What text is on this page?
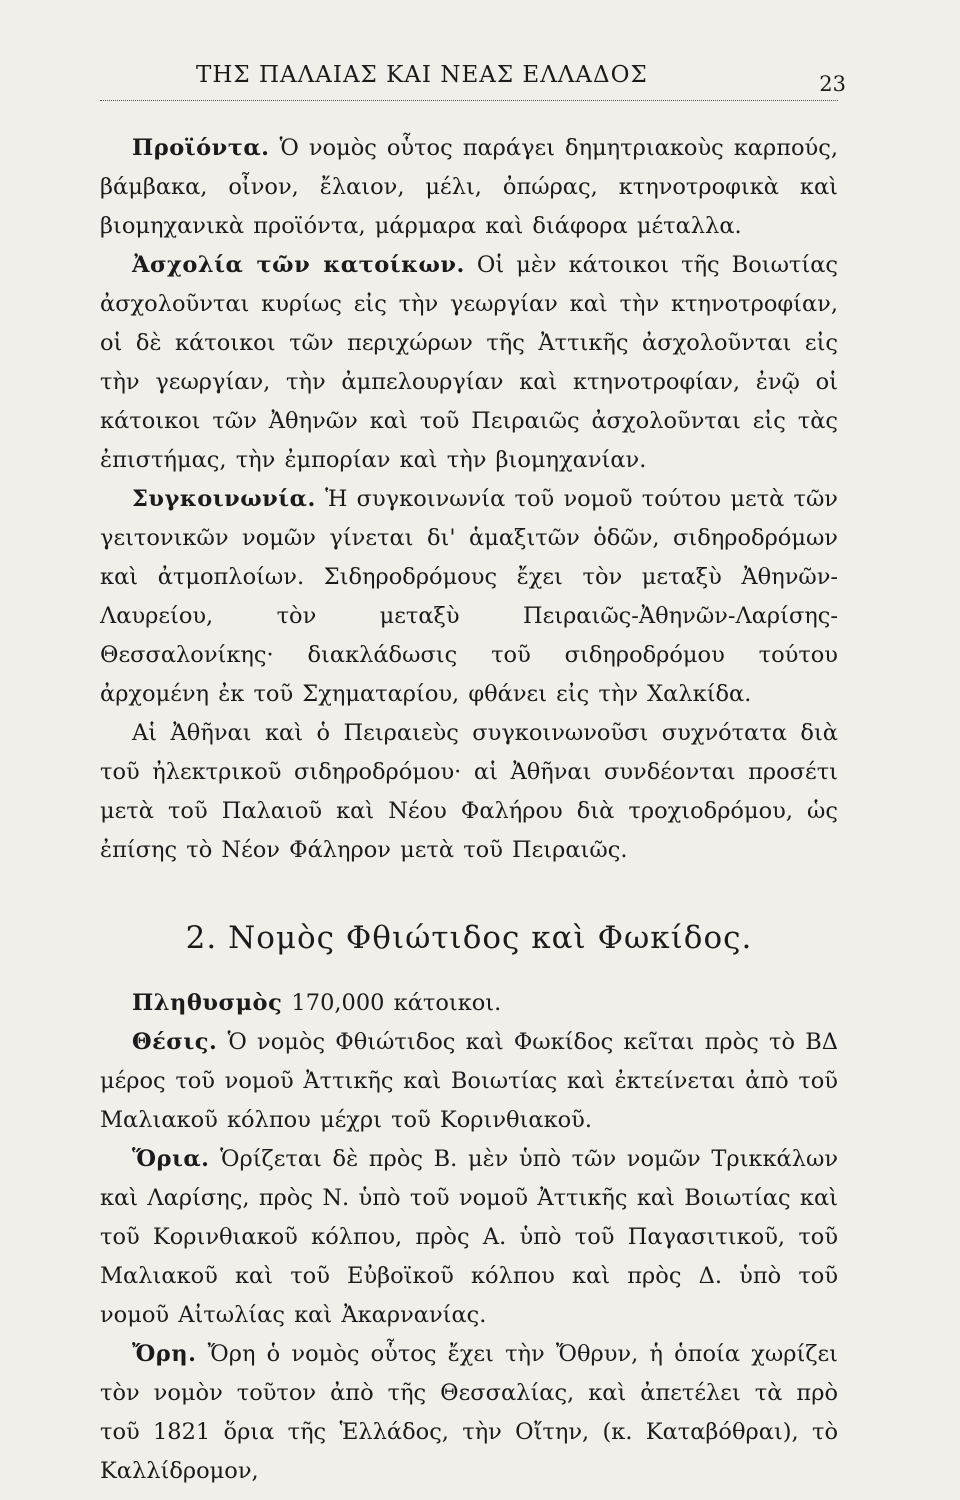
ΤΗΣ ΠΑΛΑΙΑΣ ΚΑΙ ΝΕΑΣ ΕΛΛΑΔΟΣ	23

Προϊόντα. Ὁ νομὸς οὗτος παράγει δημητριακοὺς καρπούς, βάμβακα, οἶνον, ἔλαιον, μέλι, ὀπώρας, κτηνοτροφικὰ καὶ βιομηχανικὰ προϊόντα, μάρμαρα καὶ διάφορα μέταλλα.

Ἀσχολία τῶν κατοίκων. Οἱ μὲν κάτοικοι τῆς Βοιωτίας ἀσχολοῦνται κυρίως εἰς τὴν γεωργίαν καὶ τὴν κτηνοτροφίαν, οἱ δὲ κάτοικοι τῶν περιχώρων τῆς Ἀττικῆς ἀσχολοῦνται εἰς τὴν γεωργίαν, τὴν ἀμπελουργίαν καὶ κτηνοτροφίαν, ἐνῷ οἱ κάτοικοι τῶν Ἀθηνῶν καὶ τοῦ Πειραιῶς ἀσχολοῦνται εἰς τὰς ἐπιστήμας, τὴν ἐμπορίαν καὶ τὴν βιομηχανίαν.

Συγκοινωνία. Ἡ συγκοινωνία τοῦ νομοῦ τούτου μετὰ τῶν γειτονικῶν νομῶν γίνεται δι' ἁμαξιτῶν ὁδῶν, σιδηροδρόμων καὶ ἀτμοπλοίων. Σιδηροδρόμους ἔχει τὸν μεταξὺ Ἀθηνῶν-Λαυρείου, τὸν μεταξὺ Πειραιῶς-Ἀθηνῶν-Λαρίσης-Θεσσαλονίκης· διακλάδωσις τοῦ σιδηροδρόμου τούτου ἀρχομένη ἐκ τοῦ Σχηματαρίου, φθάνει εἰς τὴν Χαλκίδα.

Αἱ Ἀθῆναι καὶ ὁ Πειραιεὺς συγκοινωνοῦσι συχνότατα διὰ τοῦ ἠλεκτρικοῦ σιδηροδρόμου· αἱ Ἀθῆναι συνδέονται προσέτι μετὰ τοῦ Παλαιοῦ καὶ Νέου Φαλήρου διὰ τροχιοδρόμου, ὡς ἐπίσης τὸ Νέον Φάληρον μετὰ τοῦ Πειραιῶς.

2. Νομὸς Φθιώτιδος καὶ Φωκίδος.

Πληθυσμὸς 170,000 κάτοικοι.

Θέσις. Ὁ νομὸς Φθιώτιδος καὶ Φωκίδος κεῖται πρὸς τὸ ΒΔ μέρος τοῦ νομοῦ Ἀττικῆς καὶ Βοιωτίας καὶ ἐκτείνεται ἀπὸ τοῦ Μαλιακοῦ κόλπου μέχρι τοῦ Κορινθιακοῦ.

Ὅρια. Ὁρίζεται δὲ πρὸς Β. μὲν ὑπὸ τῶν νομῶν Τρικκάλων καὶ Λαρίσης, πρὸς Ν. ὑπὸ τοῦ νομοῦ Ἀττικῆς καὶ Βοιωτίας καὶ τοῦ Κορινθιακοῦ κόλπου, πρὸς Α. ὑπὸ τοῦ Παγασιτικοῦ, τοῦ Μαλιακοῦ καὶ τοῦ Εὐβοϊκοῦ κόλπου καὶ πρὸς Δ. ὑπὸ τοῦ νομοῦ Αἰτωλίας καὶ Ἀκαρνανίας.

Ὄρη. Ὄρη ὁ νομὸς οὗτος ἔχει τὴν Ὄθρυν, ἡ ὁποία χωρίζει τὸν νομὸν τοῦτον ἀπὸ τῆς Θεσσαλίας, καὶ ἀπετέλει τὰ πρὸ τοῦ 1821 ὅρια τῆς Ἑλλάδος, τὴν Οἴτην, (κ. Καταβόθραι), τὸ Καλλίδρομον,
